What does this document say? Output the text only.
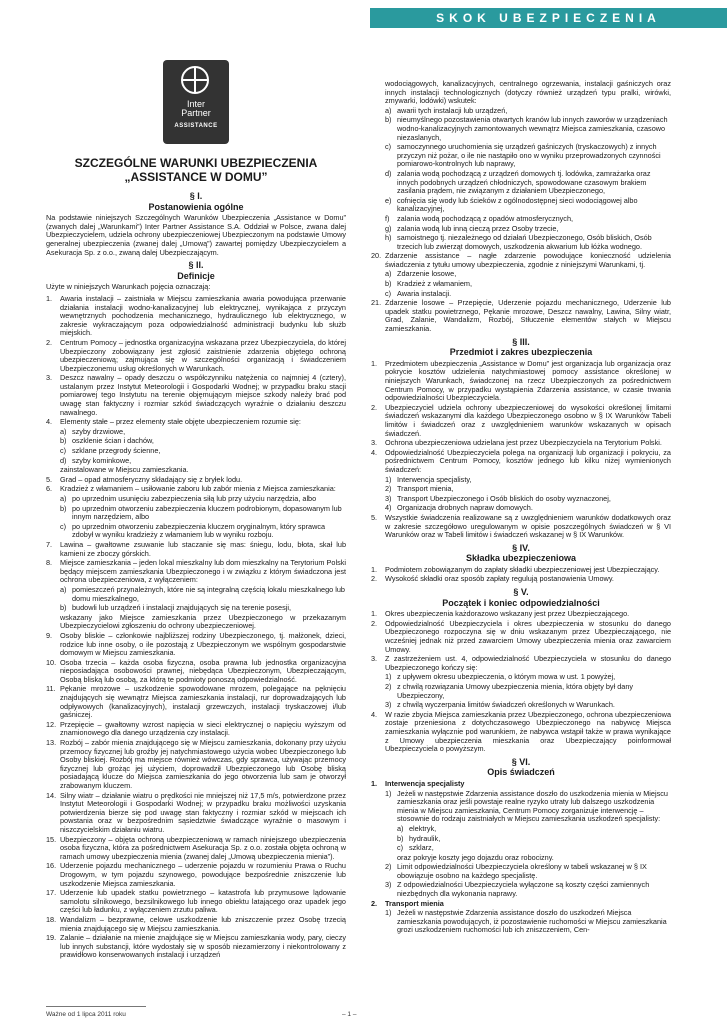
SKOK UBEZPIECZENIA
Inter
Partner
ASSISTANCE
SZCZEGÓLNE WARUNKI UBEZPIECZENIA
„ASSISTANCE W DOMU”
§ I.
Postanowienia ogólne

Na podstawie niniejszych Szczególnych Warunków Ubezpieczenia „Assistance w Domu” (zwanych dalej „Warunkami”) Inter Partner Assistance S.A. Oddział w Polsce, zwana dalej Ubezpieczycielem, udziela ochrony ubezpieczeniowej Ubezpieczonym na podstawie Umowy generalnej ubezpieczenia (zwanej dalej „Umową”) zawartej pomiędzy Ubezpieczycielem a Asekuracja Sp. z o.o., zwaną dalej Ubezpieczającym.

§ II.
Definicje

Użyte w niniejszych Warunkach pojęcia oznaczają:

1.	Awaria instalacji – zaistniała w Miejscu zamieszkania awaria powodująca przerwanie działania instalacji wodno-kanalizacyjnej lub elektrycznej, wynikająca z przyczyn wewnętrznych pochodzenia mechanicznego, hydraulicznego lub elektrycznego, w zakresie wykraczającym poza odpowiedzialność administracji budynku lub służb miejskich.
2.	Centrum Pomocy – jednostka organizacyjna wskazana przez Ubezpieczyciela, do której Ubezpieczony zobowiązany jest zgłosić zaistnienie zdarzenia objętego ochroną ubezpieczeniową; zajmująca się w szczególności organizacją i świadczeniem Ubezpieczonemu usług określonych w Warunkach.
3.	Deszcz nawalny – opady deszczu o współczynniku natężenia co najmniej 4 (cztery), ustalanym przez Instytut Meteorologii i Gospodarki Wodnej; w przypadku braku stacji pomiarowej tego Instytutu na terenie objęmującym miejsce szkody należy brać pod uwagę stan faktyczny i rozmiar szkód świadczących wyraźnie o działaniu deszczu nawalnego.
4.	Elementy stałe – przez elementy stałe objęte ubezpieczeniem rozumie się:
a) szyby drzwiowe,
b) oszklenie ścian i dachów,
c) szklane przegrody ścienne,
d) szyby kominkowe,

zainstalowane w Miejscu zamieszkania.

5.	Grad – opad atmosferyczny składający się z bryłek lodu.
6.	Kradzież z włamaniem – usiłowanie zaboru lub zabór mienia z Miejsca zamieszkania:
a) po uprzednim usunięciu zabezpieczenia siłą lub przy użyciu narzędzia, albo
b) po uprzednim otworzeniu zabezpieczenia kluczem podrobionym, dopasowanym lub innym narzędziem, albo
c) po uprzednim otworzeniu zabezpieczenia kluczem oryginalnym, który sprawca zdobył w wyniku kradzieży z włamaniem lub w wyniku rozboju.
7.	Lawina – gwałtowne zsuwanie lub staczanie się mas: śniegu, lodu, błota, skał lub kamieni ze zboczy górskich.
8.	Miejsce zamieszkania – jeden lokal mieszkalny lub dom mieszkalny na Terytorium Polski będący miejscem zamieszkania Ubezpieczonego i w związku z którym świadczona jest ochrona ubezpieczeniowa, z wyłączeniem:
a) pomieszczeń przynależnych, które nie są integralną częścią lokalu mieszkalnego lub domu mieszkalnego,
b) budowli lub urządzeń i instalacji znajdujących się na terenie posesji,

wskazany jako Miejsce zamieszkania przez Ubezpieczonego w przekazanym Ubezpieczycielowi zgłoszeniu do ochrony ubezpieczeniowej.

9.	Osoby bliskie – członkowie najbliższej rodziny Ubezpieczonego, tj. małżonek, dzieci, rodzice lub inne osoby, o ile pozostają z Ubezpieczonym we wspólnym gospodarstwie domowym w Miejscu zamieszkania.
10. Osoba trzecia – każda osoba fizyczna, osoba prawna lub jednostka organizacyjna nieposiadająca osobowości prawnej, niebędąca Ubezpieczonym, Ubezpieczającym, Osobą bliską lub osobą, za którą te podmioty ponoszą odpowiedzialność.
11. Pękanie mrozowe – uszkodzenie spowodowane mrozem, polegające na pęknięciu znajdujących się wewnątrz Miejsca zamieszkania instalacji, rur doprowadzających lub odpływowych (kanalizacyjnych), instalacji grzewczych, instalacji tryskaczowej i/lub gaśniczej.
12. Przepięcie – gwałtowny wzrost napięcia w sieci elektrycznej o napięciu wyższym od znamionowego dla danego urządzenia czy instalacji.
13. Rozbój – zabór mienia znajdującego się w Miejscu zamieszkania, dokonany przy użyciu przemocy fizycznej lub groźby jej natychmiastowego użycia wobec Ubezpieczonego lub Osoby bliskiej. Rozbój ma miejsce również wówczas, gdy sprawca, używając przemocy fizycznej lub grożąc jej użyciem, doprowadził Ubezpieczonego lub Osobę bliską posiadającą klucze do Miejsca zamieszkania do jego otworzenia lub sam je otworzył zrabowanym kluczem.
14. Silny wiatr – działanie wiatru o prędkości nie mniejszej niż 17,5 m/s, potwierdzone przez Instytut Meteorologii i Gospodarki Wodnej; w przypadku braku możliwości uzyskania potwierdzenia bierze się pod uwagę stan faktyczny i rozmiar szkód w miejscach ich powstania oraz w bezpośrednim sąsiedztwie świadczące wyraźnie o masowym i niszczycielskim działaniu wiatru.
15. Ubezpieczony – objęta ochroną ubezpieczeniową w ramach niniejszego ubezpieczenia osoba fizyczna, która za pośrednictwem Asekuracja Sp. z o.o. została objęta ochroną w ramach umowy ubezpieczenia mienia (zwanej dalej „Umową ubezpieczenia mienia”).
16. Uderzenie pojazdu mechanicznego – uderzenie pojazdu w rozumieniu Prawa o Ruchu Drogowym, w tym pojazdu szynowego, powodujące bezpośrednie zniszczenie lub uszkodzenie Miejsca zamieszkania.
17. Uderzenie lub upadek statku powietrznego – katastrofa lub przymusowe lądowanie samolotu silnikowego, bezsilnikowego lub innego obiektu latającego oraz upadek jego części lub ładunku, z wyłączeniem zrzutu paliwa.
18. Wandalizm – bezprawne, celowe uszkodzenie lub zniszczenie przez Osobę trzecią mienia znajdującego się w Miejscu zamieszkania.
19. Zalanie – działanie na mienie znajdujące się w Miejscu zamieszkania wody, pary, cieczy lub innych substancji, które wydostały się w sposób niezamierzony i niekontrolowany z prawidłowo konserwowanych instalacji i urządzeń

wodociągowych, kanalizacyjnych, centralnego ogrzewania, instalacji gaśniczych oraz innych instalacji technologicznych (dotyczy również urządzeń typu pralki, wirówki, zmywarki, lodówki) wskutek:

a) awarii tych instalacji lub urządzeń,
b) nieumyślnego pozostawienia otwartych kranów lub innych zaworów w urządzeniach wodno-kanalizacyjnych zamontowanych wewnątrz Miejsca zamieszkania, czasowo niezaslanych,
c) samoczynnego uruchomienia się urządzeń gaśniczych (tryskaczowych) z innych przyczyn niż pożar, o ile nie nastąpiło ono w wyniku przeprowadzonych czynności pomiarowo-kontrolnych lub naprawy,
d) zalania wodą pochodzącą z urządzeń domowych tj. lodówka, zamrażarka oraz innych podobnych urządzeń chłodniczych, spowodowane czasowym brakiem zasilania prądem, nie związanym z działaniem Ubezpieczonego,
e) cofnięcia się wody lub ścieków z ogólnodostępnej sieci wodociągowej albo kanalizacyjnej,
f)	zalania wodą pochodzącą z opadów atmosferycznych,
g) zalania wodą lub inną cieczą przez Osoby trzecie,
h) samoistnego tj. niezależnego od działań Ubezpieczonego, Osób bliskich, Osób trzecich lub zwierząt domowych, uszkodzenia akwarium lub łóżka wodnego.
20. Zdarzenie assistance – nagłe zdarzenie powodujące konieczność udzielenia świadczenia z tytułu umowy ubezpieczenia, zgodnie z niniejszymi Warunkami, tj.
a) Zdarzenie losowe,
b) Kradzież z włamaniem,
c) Awaria instalacji.
21. Zdarzenie losowe – Przepięcie, Uderzenie pojazdu mechanicznego, Uderzenie lub upadek statku powietrznego, Pękanie mrozowe, Deszcz nawalny, Lawina, Silny wiatr, Grad, Zalanie, Wandalizm, Rozbój, Stłuczenie elementów stałych w Miejscu zamieszkania.
§ III.
Przedmiot i zakres ubezpieczenia
1.	Przedmiotem ubezpieczenia „Assistance w Domu” jest organizacja lub organizacja oraz pokrycie kosztów udzielenia natychmiastowej pomocy assistance określonej w niniejszych Warunkach, świadczonej na rzecz Ubezpieczonych za pośrednictwem Centrum Pomocy, w przypadku wystąpienia Zdarzenia assistance, w czasie trwania odpowiedzialności Ubezpieczyciela.
2.	Ubezpieczyciel udziela ochrony ubezpieczeniowej do wysokości określonej limitami świadczeń wskazanymi dla każdego Ubezpieczonego osobno w § IX Warunków Tabeli limitów i świadczeń oraz z uwzględnieniem warunków wskazanych w opisach świadczeń.
3.	Ochrona ubezpieczeniowa udzielana jest przez Ubezpieczyciela na Terytorium Polski.
4.	Odpowiedzialność Ubezpieczyciela polega na organizacji lub organizacji i pokryciu, za pośrednictwem Centrum Pomocy, kosztów jednego lub kilku niżej wymienionych świadczeń:
1) Interwencja specjalisty,
2) Transport mienia,
3) Transport Ubezpieczonego i Osób bliskich do osoby wyznaczonej,
4) Organizacja drobnych napraw domowych.
5.	Wszystkie świadczenia realizowane są z uwzględnieniem warunków dodatkowych oraz w zakresie szczegółowo uregulowanym w opisie poszczególnych świadczeń w § VI Warunków oraz w Tabeli limitów i świadczeń wskazanej w § IX Warunków.
§ IV.
Składka ubezpieczeniowa
1.	Podmiotem zobowiązanym do zapłaty składki ubezpieczeniowej jest Ubezpieczający.
2.	Wysokość składki oraz sposób zapłaty regulują postanowienia Umowy.
§ V.
Początek i koniec odpowiedzialności
1.	Okres ubezpieczenia każdorazowo wskazany jest przez Ubezpieczającego.
2.	Odpowiedzialność Ubezpieczyciela i okres ubezpieczenia w stosunku do danego Ubezpieczonego rozpoczyna się w dniu wskazanym przez Ubezpieczającego, nie wcześniej jednak niż przed zawarciem Umowy ubezpieczenia mienia oraz zawarciem Umowy.
3.	Z zastrzeżeniem ust. 4, odpowiedzialność Ubezpieczyciela w stosunku do danego Ubezpieczonego kończy się:
1) z upływem okresu ubezpieczenia, o którym mowa w ust. 1 powyżej,
2) z chwilą rozwiązania Umowy ubezpieczenia mienia, która objęty był dany Ubezpieczony,
3) z chwilą wyczerpania limitów świadczeń określonych w Warunkach.
4.	W razie zbycia Miejsca zamieszkania przez Ubezpieczonego, ochrona ubezpieczeniowa zostaje przeniesiona z dotychczasowego Ubezpieczonego na nabywcę Miejsca zamieszkania wyłącznie pod warunkiem, że nabywca wstąpił także w prawa wynikające z Umowy ubezpieczenia mieszkania oraz Ubezpieczający poinformował Ubezpieczyciela o powyższym.
§ VI.
Opis świadczeń
1.	Interwencja specjalisty
1) Jeżeli w następstwie Zdarzenia assistance doszło do uszkodzenia mienia w Miejscu zamieszkania oraz jeśli powstaje realne ryzyko utraty lub dalszego uszkodzenia mienia w Miejscu zamieszkania, Centrum Pomocy zorganizuje interwencję – stosownie do rodzaju zaistniałych w Miejscu zamieszkania uszkodzeń specjalisty:
a) elektryk,
b) hydraulik,
c) szklarz,

oraz pokryje koszty jego dojazdu oraz robocizny.

2) Limit odpowiedzialności Ubezpieczyciela określony w tabeli wskazanej w § IX obowiązuje osobno na każdego specjalistę.
3) Z odpowiedzialności Ubezpieczyciela wyłączone są koszty części zamiennych niezbędnych dla wykonania naprawy.
2.	Transport mienia
1) Jeżeli w następstwie Zdarzenia assistance doszło do uszkodzeń Miejsca zamieszkania powodujących, iż pozostawienie ruchomości w Miejscu zamieszkania grozi uszkodzeniem ruchomości lub ich zniszczeniem, Cen-
Ważne od 1 lipca 2011 roku	– 1 –
